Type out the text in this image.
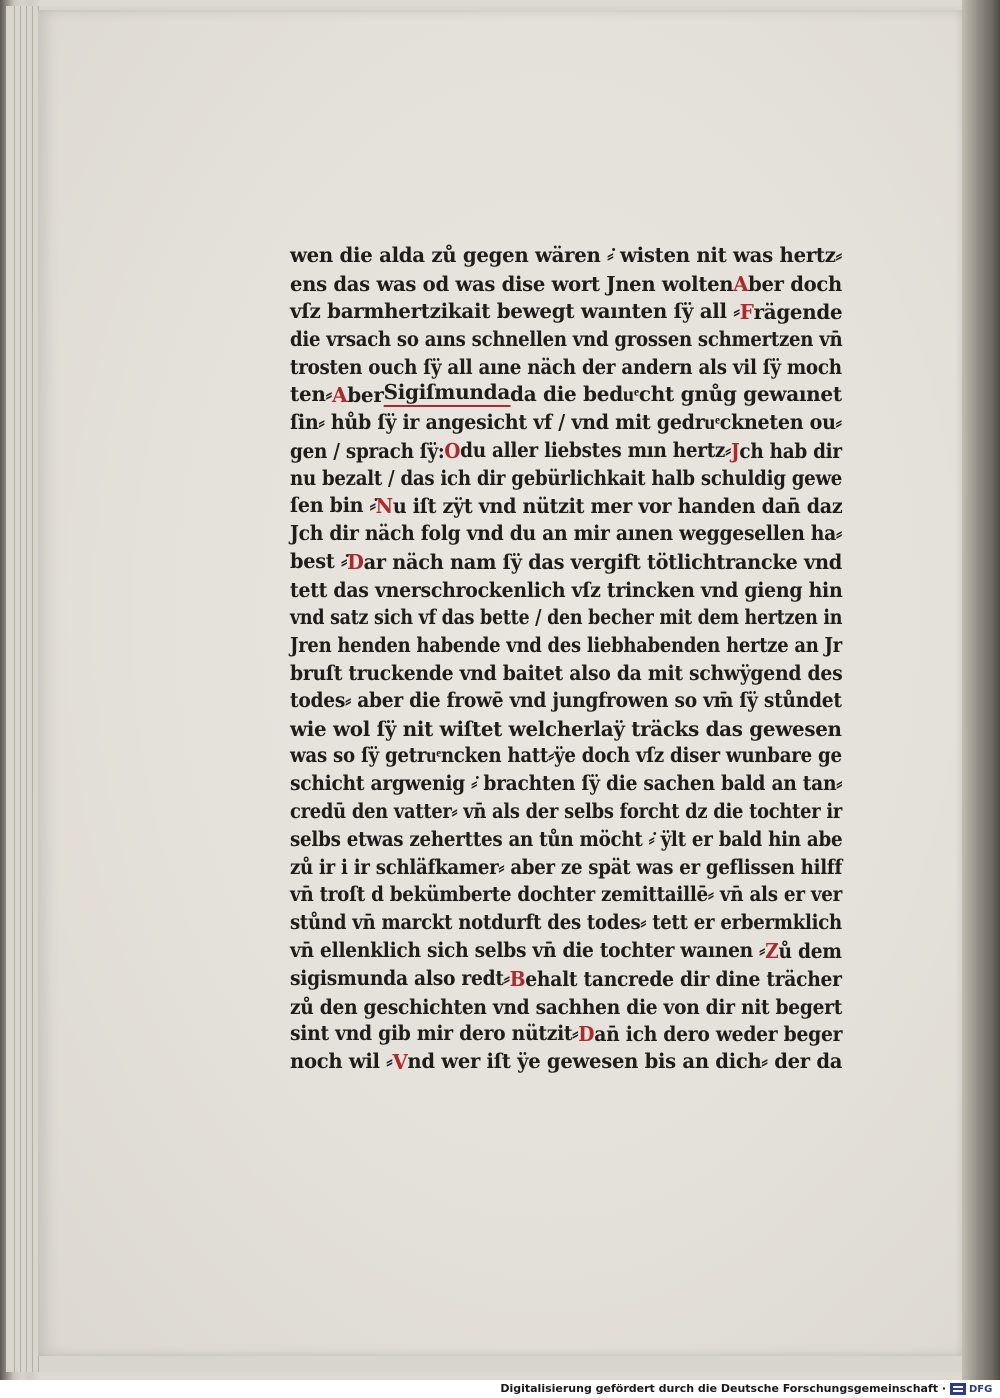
wen die alda zů gegen wären ⸗̇ wisten nit was hertz⸗
ens das was od was dise wort Jnen wolten A ber doch
vſz barmhertzikait bewegt waınten ſÿ all ⸗ F rägende
die vrsach so aıns schnellen vnd grossen schmertzen vn̄
trosten ouch ſÿ all aıne näch der andern als vil ſÿ moch
ten⸗ A ber Sigiſmunda da die beduͤcht gnůg gewaınet
ſin⸗ hůb ſÿ ir angesicht vf / vnd mit gedruͤckneten ou⸗
gen / sprach ſÿ: O du aller liebstes mın hertz⸗ J ch hab dir
nu bezalt / das ich dir gebürlichkait halb schuldig gewe
ſen bin ⸗̇ N u iſt zÿt vnd nützit mer vor handen dan̄ daz
Jch dir näch folg vnd du an mir aınen weggesellen ha⸗
best ⸗̇ D ar näch nam ſÿ das vergift tötlichtrancke vnd
tett das vnerschrockenlich vſz trincken vnd gieng hin
vnd satz sich vf das bette / den becher mit dem hertzen in
Jren henden habende vnd des liebhabenden hertze an Jr
bruſt truckende vnd baitet also da mit schwÿgend des
todes⸗ aber die frowē vnd jungfrowen so vm̄ ſÿ stůndet
wie wol ſÿ nit wiſtet welcherlaÿ träcks das gewesen
was so ſÿ getruͤncken hatt⸗ÿe doch vſz diser wunbare ge
schicht argwenig ⸗̇ brachten ſÿ die sachen bald an tan⸗
credū den vatter⸗ vn̄ als der selbs forcht dz die tochter ir
selbs etwas zeherttes an tůn möcht ⸗̇ ÿlt er bald hin abe
zů ir i ir schläfkamer⸗ aber ze spät was er geflissen hilff
vn̄ troſt d bekümberte dochter zemittaillē⸗ vn̄ als er ver
stůnd vn̄ marckt notdurft des todes⸗ tett er erbermklich
vn̄ ellenklich sich selbs vn̄ die tochter waınen ⸗ Z ů dem
sigismunda also redt⸗ B ehalt tancrede dir dine trächer
zů den geschichten vnd sachhen die von dir nit begert
sint vnd gib mir dero nützit⸗ D an̄ ich dero weder beger
noch wil ⸗ V nd wer iſt ÿe gewesen bis an dich⸗ der da
Digitalisierung gefördert durch die Deutsche Forschungsgemeinschaft · DFG
